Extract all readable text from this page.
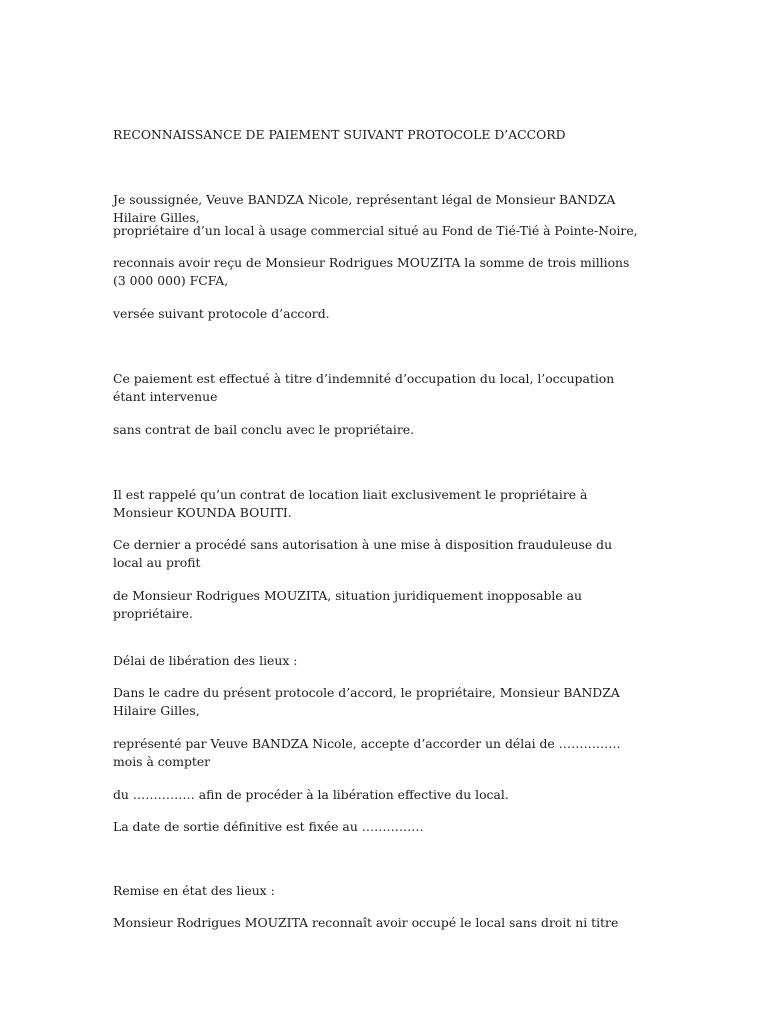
RECONNAISSANCE DE PAIEMENT SUIVANT PROTOCOLE D’ACCORD

Je soussignée, Veuve BANDZA Nicole, représentant légal de Monsieur BANDZA Hilaire Gilles,

propriétaire d’un local à usage commercial situé au Fond de Tié-Tié à Pointe-Noire,

reconnais avoir reçu de Monsieur Rodrigues MOUZITA la somme de trois millions (3 000 000) FCFA,

versée suivant protocole d’accord.

Ce paiement est effectué à titre d’indemnité d’occupation du local, l’occupation étant intervenue

sans contrat de bail conclu avec le propriétaire.

Il est rappelé qu’un contrat de location liait exclusivement le propriétaire à Monsieur KOUNDA BOUITI.

Ce dernier a procédé sans autorisation à une mise à disposition frauduleuse du local au profit

de Monsieur Rodrigues MOUZITA, situation juridiquement inopposable au propriétaire.

Délai de libération des lieux :

Dans le cadre du présent protocole d’accord, le propriétaire, Monsieur BANDZA Hilaire Gilles,

représenté par Veuve BANDZA Nicole, accepte d’accorder un délai de …………… mois à compter

du …………… afin de procéder à la libération effective du local.

La date de sortie définitive est fixée au ……………

Remise en état des lieux :

Monsieur Rodrigues MOUZITA reconnaît avoir occupé le local sans droit ni titre
